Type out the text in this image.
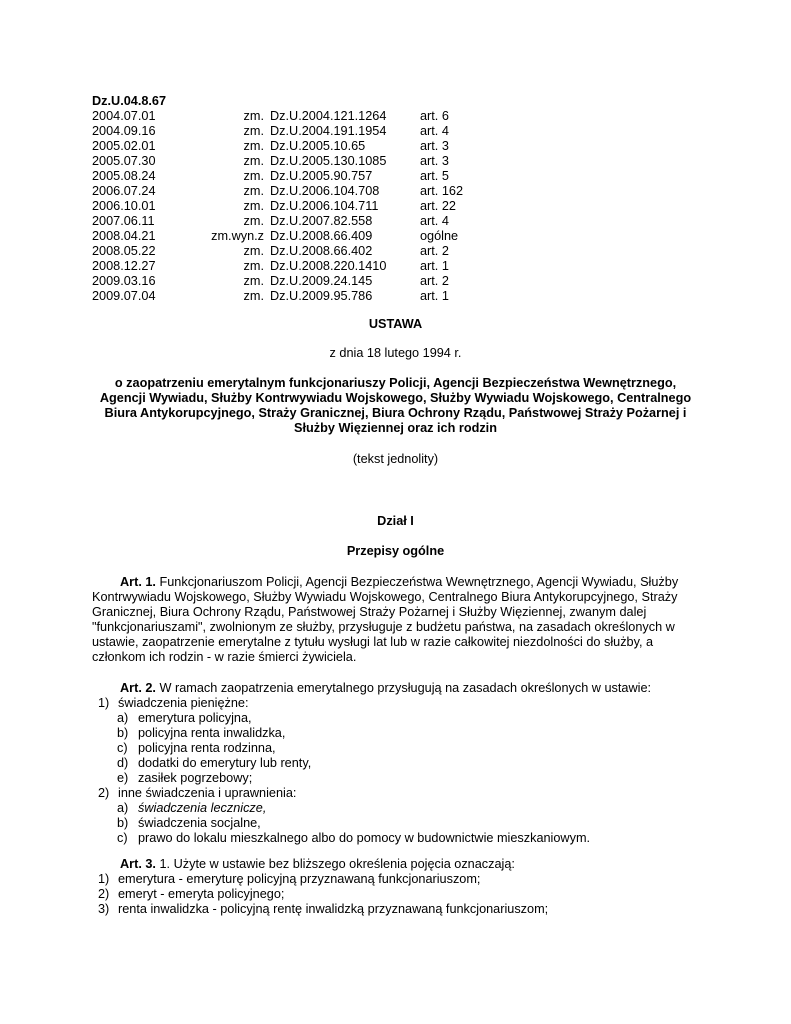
Dz.U.04.8.67
2004.07.01	zm. Dz.U.2004.121.1264	art. 6
2004.09.16	zm. Dz.U.2004.191.1954	art. 4
2005.02.01	zm. Dz.U.2005.10.65	art. 3
2005.07.30	zm. Dz.U.2005.130.1085	art. 3
2005.08.24	zm. Dz.U.2005.90.757	art. 5
2006.07.24	zm. Dz.U.2006.104.708	art. 162
2006.10.01	zm. Dz.U.2006.104.711	art. 22
2007.06.11	zm. Dz.U.2007.82.558	art. 4
2008.04.21	zm.wyn.z Dz.U.2008.66.409	ogólne
2008.05.22	zm. Dz.U.2008.66.402	art. 2
2008.12.27	zm. Dz.U.2008.220.1410	art. 1
2009.03.16	zm. Dz.U.2009.24.145	art. 2
2009.07.04	zm. Dz.U.2009.95.786	art. 1
USTAWA
z dnia 18 lutego 1994 r.
o zaopatrzeniu emerytalnym funkcjonariuszy Policji, Agencji Bezpieczeństwa Wewnętrznego,
Agencji Wywiadu, Służby Kontrwywiadu Wojskowego, Służby Wywiadu Wojskowego, Centralnego
Biura Antykorupcyjnego, Straży Granicznej, Biura Ochrony Rządu, Państwowej Straży Pożarnej i
Służby Więziennej oraz ich rodzin
(tekst jednolity)
Dział I
Przepisy ogólne
Art. 1. Funkcjonariuszom Policji, Agencji Bezpieczeństwa Wewnętrznego, Agencji Wywiadu, Służby
Kontrwywiadu Wojskowego, Służby Wywiadu Wojskowego, Centralnego Biura Antykorupcyjnego, Straży
Granicznej, Biura Ochrony Rządu, Państwowej Straży Pożarnej i Służby Więziennej, zwanym dalej
"funkcjonariuszami", zwolnionym ze służby, przysługuje z budżetu państwa, na zasadach określonych w
ustawie, zaopatrzenie emerytalne z tytułu wysługi lat lub w razie całkowitej niezdolności do służby, a
członkom ich rodzin - w razie śmierci żywiciela.
Art. 2. W ramach zaopatrzenia emerytalnego przysługują na zasadach określonych w ustawie:
1) świadczenia pieniężne:
a) emerytura policyjna,
b) policyjna renta inwalidzka,
c) policyjna renta rodzinna,
d) dodatki do emerytury lub renty,
e) zasiłek pogrzebowy;
2) inne świadczenia i uprawnienia:
a) świadczenia lecznicze,
b) świadczenia socjalne,
c) prawo do lokalu mieszkalnego albo do pomocy w budownictwie mieszkaniowym.
Art. 3. 1. Użyte w ustawie bez bliższego określenia pojęcia oznaczają:
1) emerytura - emeryturę policyjną przyznawaną funkcjonariuszom;
2) emeryt - emeryta policyjnego;
3) renta inwalidzka - policyjną rentę inwalidzką przyznawaną funkcjonariuszom;
